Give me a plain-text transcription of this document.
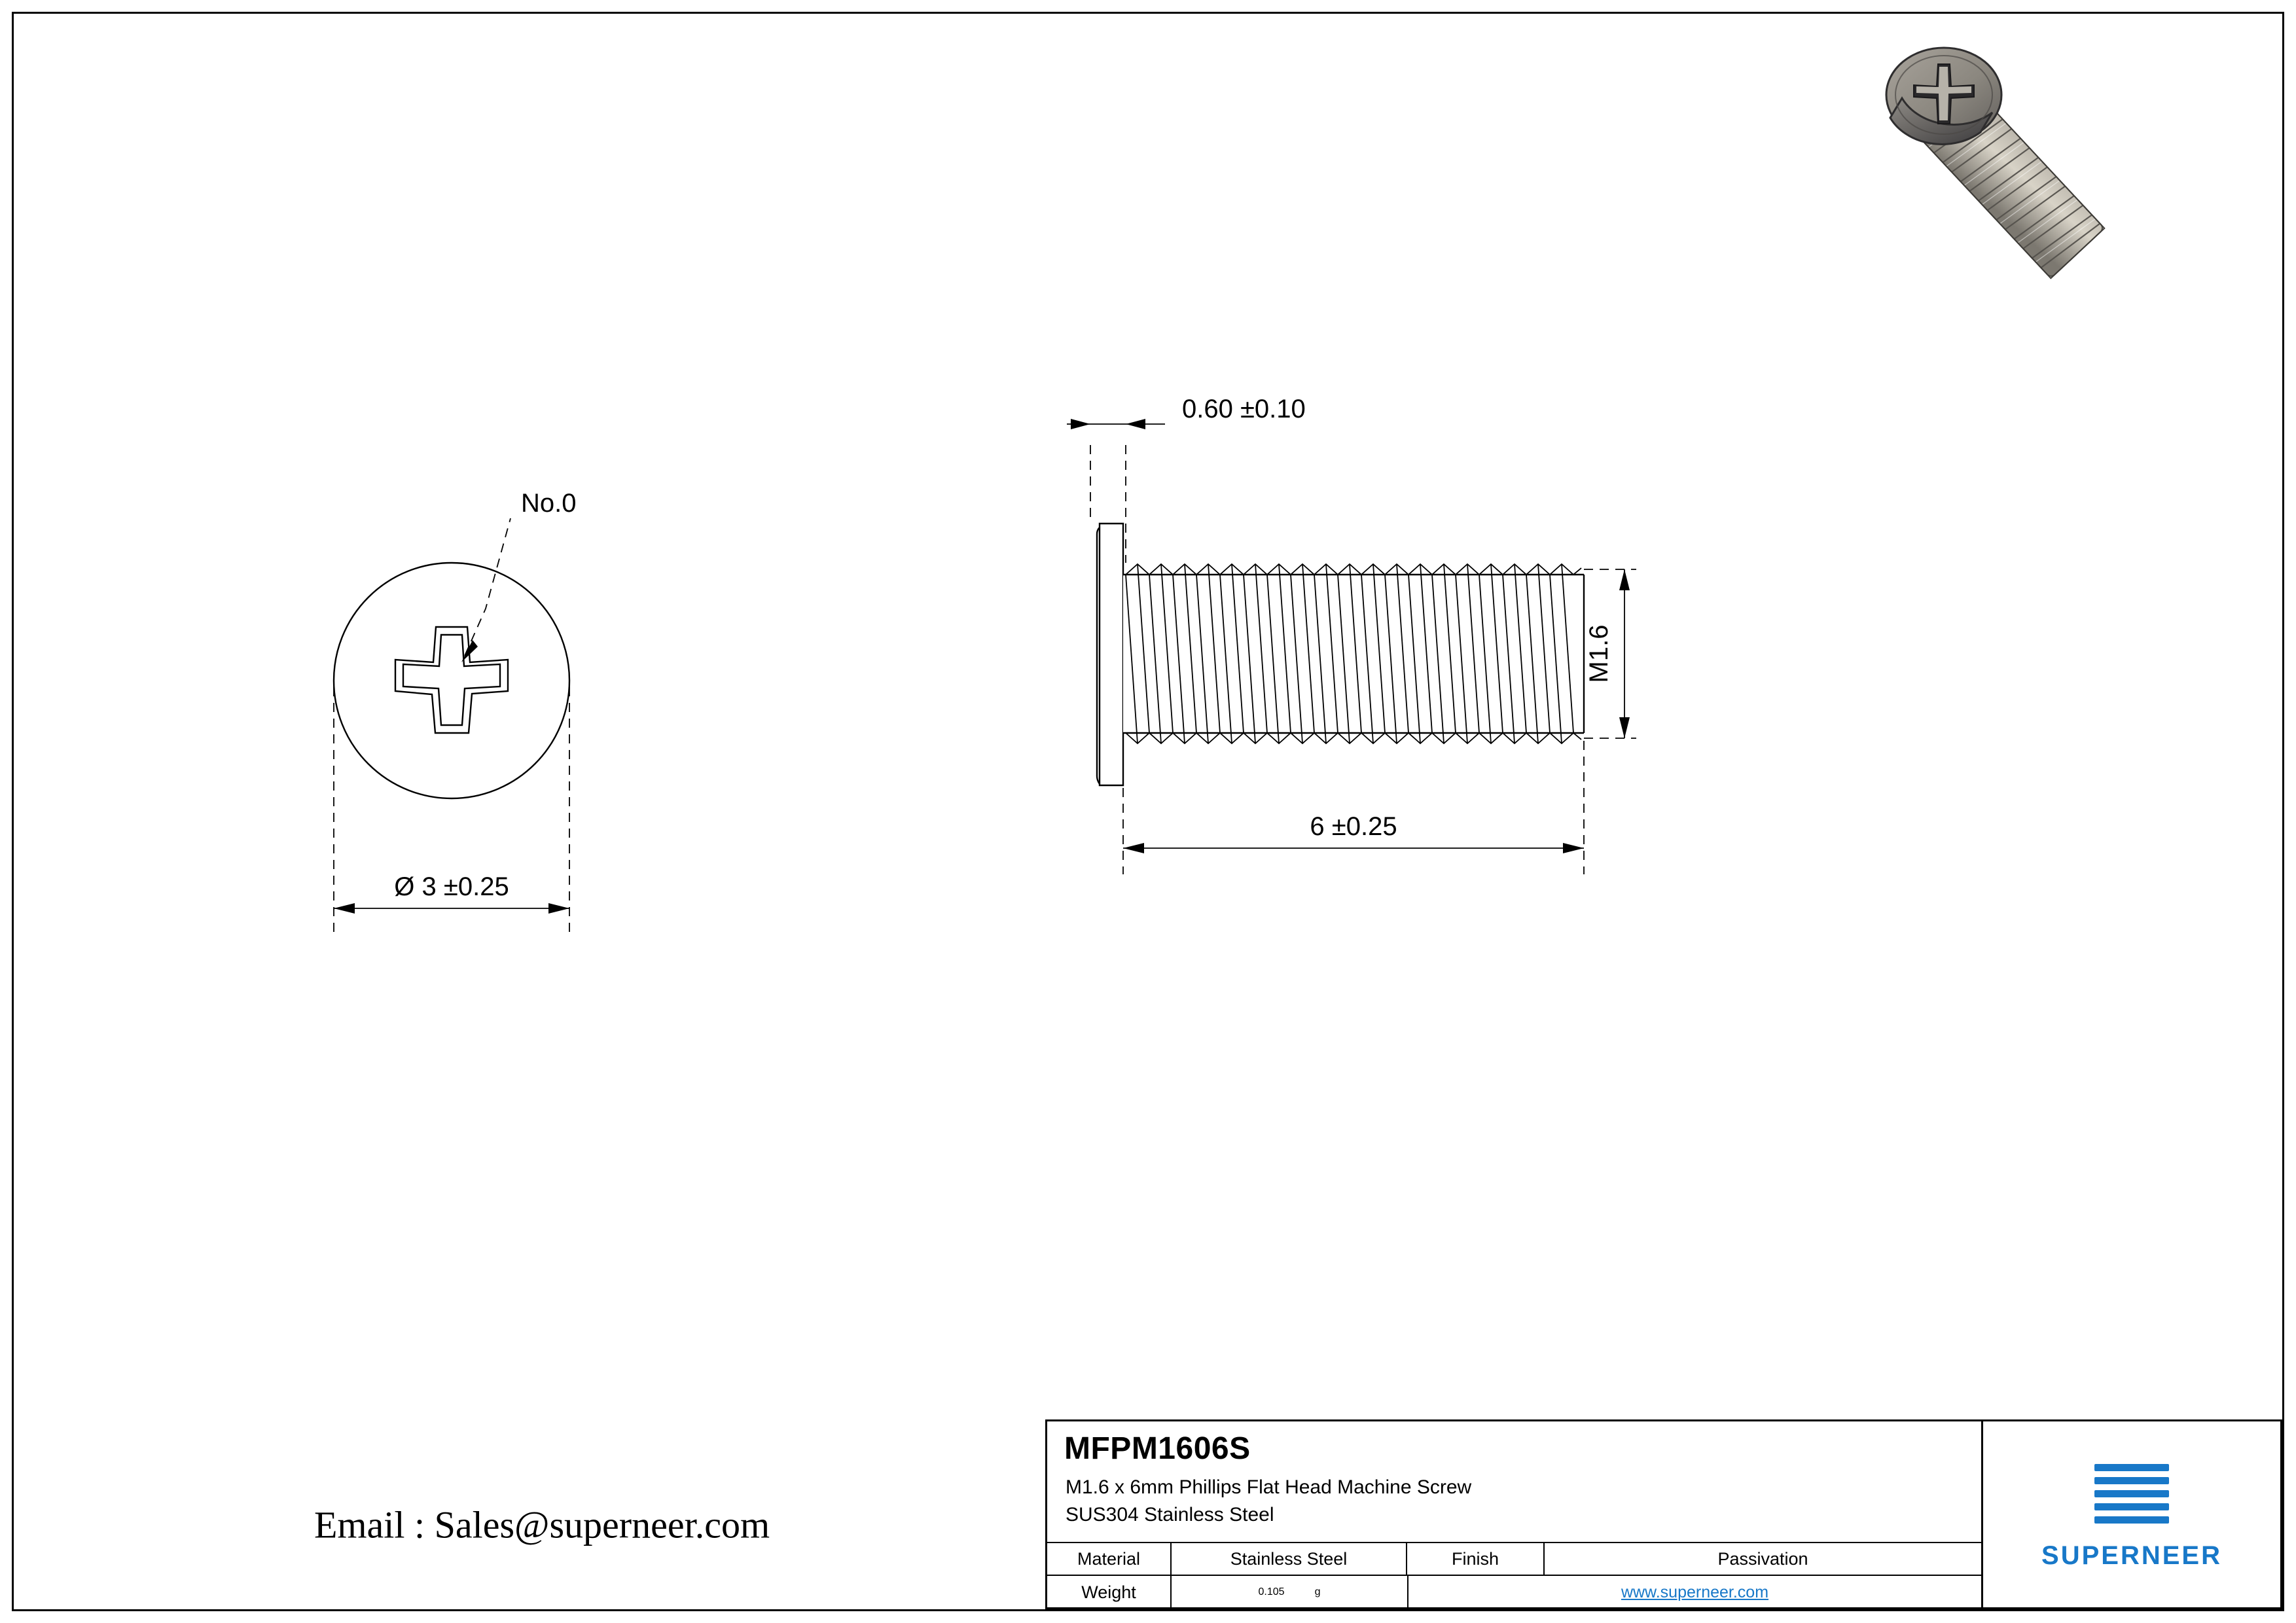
No.0
Ø 3 ±0.25
0.60 ±0.10
M1.6
6 ±0.25
Email : Sales@superneer.com
MFPM1606S
M1.6 x 6mm Phillips Flat Head Machine Screw
SUS304 Stainless Steel
Material	Stainless Steel	Finish	Passivation
Weight	0.105	g	www.superneer.com
SUPERNEER
